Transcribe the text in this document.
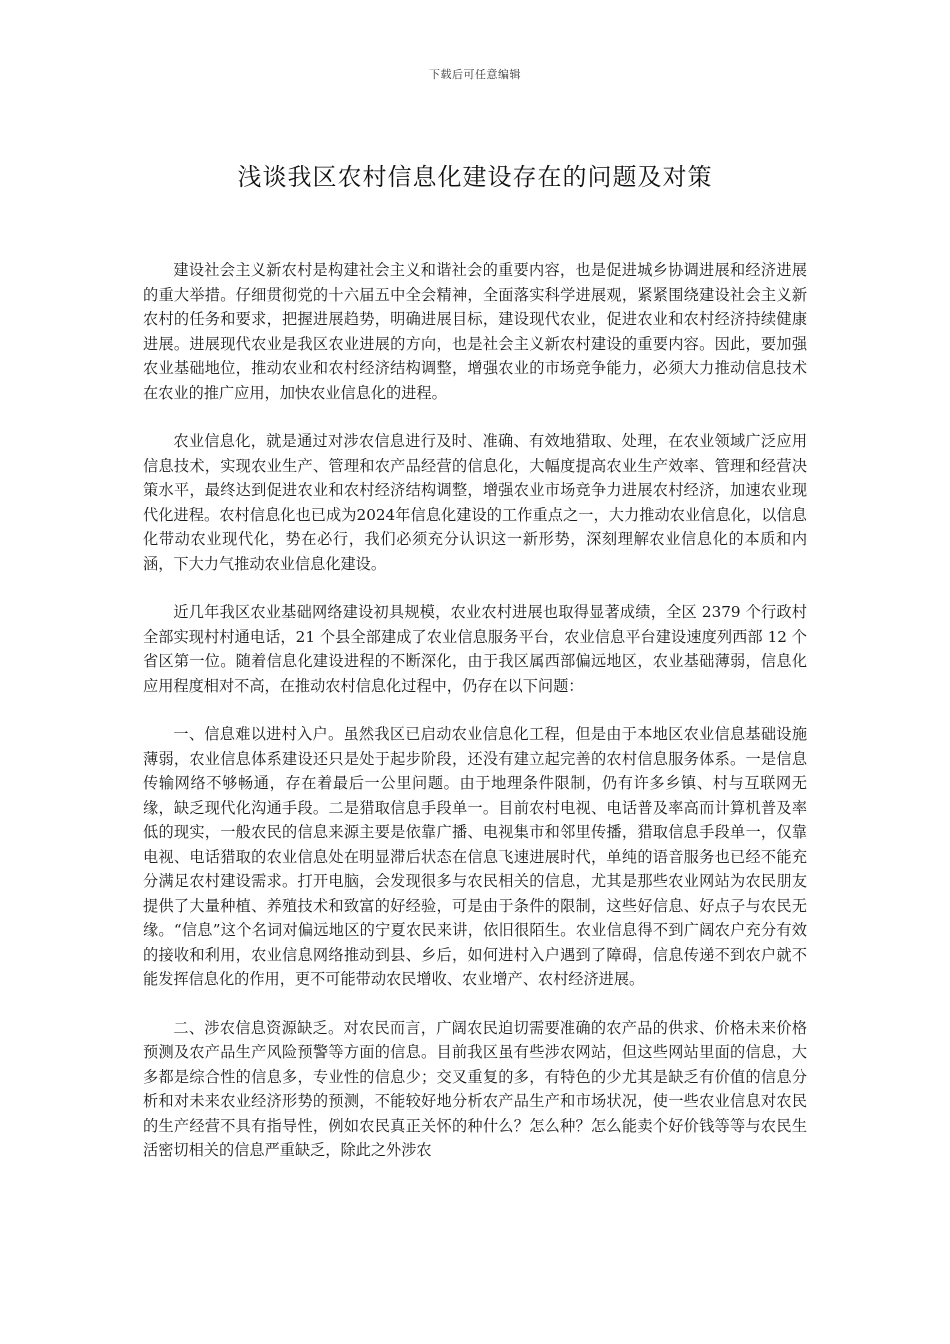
下载后可任意编辑
浅谈我区农村信息化建设存在的问题及对策

建设社会主义新农村是构建社会主义和谐社会的重要内容，也是促进城乡协调进展和经济进展的重大举措。仔细贯彻党的十六届五中全会精神，全面落实科学进展观，紧紧围绕建设社会主义新农村的任务和要求，把握进展趋势，明确进展目标，建设现代农业，促进农业和农村经济持续健康进展。进展现代农业是我区农业进展的方向，也是社会主义新农村建设的重要内容。因此，要加强农业基础地位，推动农业和农村经济结构调整，增强农业的市场竞争能力，必须大力推动信息技术在农业的推广应用，加快农业信息化的进程。

农业信息化，就是通过对涉农信息进行及时、准确、有效地猎取、处理，在农业领域广泛应用信息技术，实现农业生产、管理和农产品经营的信息化，大幅度提高农业生产效率、管理和经营决策水平，最终达到促进农业和农村经济结构调整，增强农业市场竞争力进展农村经济，加速农业现代化进程。农村信息化也已成为2024年信息化建设的工作重点之一，大力推动农业信息化，以信息化带动农业现代化，势在必行，我们必须充分认识这一新形势，深刻理解农业信息化的本质和内涵，下大力气推动农业信息化建设。

近几年我区农业基础网络建设初具规模，农业农村进展也取得显著成绩，全区 2379 个行政村全部实现村村通电话，21 个县全部建成了农业信息服务平台，农业信息平台建设速度列西部 12 个省区第一位。随着信息化建设进程的不断深化，由于我区属西部偏远地区，农业基础薄弱，信息化应用程度相对不高，在推动农村信息化过程中，仍存在以下问题：

一、信息难以进村入户。虽然我区已启动农业信息化工程，但是由于本地区农业信息基础设施薄弱，农业信息体系建设还只是处于起步阶段，还没有建立起完善的农村信息服务体系。一是信息传输网络不够畅通，存在着最后一公里问题。由于地理条件限制，仍有许多乡镇、村与互联网无缘，缺乏现代化沟通手段。二是猎取信息手段单一。目前农村电视、电话普及率高而计算机普及率低的现实，一般农民的信息来源主要是依靠广播、电视集市和邻里传播，猎取信息手段单一，仅靠电视、电话猎取的农业信息处在明显滞后状态在信息飞速进展时代，单纯的语音服务也已经不能充分满足农村建设需求。打开电脑，会发现很多与农民相关的信息，尤其是那些农业网站为农民朋友提供了大量种植、养殖技术和致富的好经验，可是由于条件的限制，这些好信息、好点子与农民无缘。“信息”这个名词对偏远地区的宁夏农民来讲，依旧很陌生。农业信息得不到广阔农户充分有效的接收和利用，农业信息网络推动到县、乡后，如何进村入户遇到了障碍，信息传递不到农户就不能发挥信息化的作用，更不可能带动农民增收、农业增产、农村经济进展。

二、涉农信息资源缺乏。对农民而言，广阔农民迫切需要准确的农产品的供求、价格未来价格预测及农产品生产风险预警等方面的信息。目前我区虽有些涉农网站，但这些网站里面的信息，大多都是综合性的信息多，专业性的信息少；交叉重复的多，有特色的少尤其是缺乏有价值的信息分析和对未来农业经济形势的预测，不能较好地分析农产品生产和市场状况，使一些农业信息对农民的生产经营不具有指导性，例如农民真正关怀的种什么？怎么种？怎么能卖个好价钱等等与农民生活密切相关的信息严重缺乏，除此之外涉农
